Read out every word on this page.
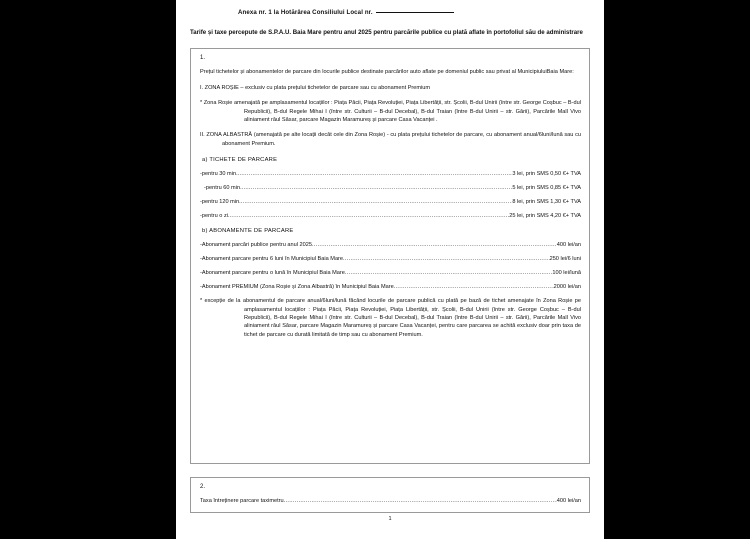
Anexa nr. 1 la Hotărârea Consiliului Local nr.
Tarife și taxe percepute de S.P.A.U. Baia Mare pentru anul 2025 pentru parcările publice cu plată aflate în portofoliul său de administrare
1.
Prețul tichetelor și abonamentelor de parcare din locurile publice destinate parcărilor auto aflate pe domeniul public sau privat al MunicipiuluiBaia Mare:
I. ZONA ROȘIE – exclusiv cu plata prețului tichetelor de parcare sau cu abonament Premium
* Zona Roșie amenajată pe amplasamentul locațiilor : Piața Păcii, Piața Revoluției, Piața Libertății, str. Școlii, B-dul Unirii (între str. George Coșbuc – B-dul Republicii), B-dul Regele Mihai I (între str. Culturii – B-dul Decebal), B-dul Traian (între B-dul Unirii – str. Gării), Parcările Mall Vivo aliniament râul Săsar, parcare Magazin Maramureș și parcare Casa Vacanței .
II. ZONA ALBASTRĂ (amenajată pe alte locații decât cele din Zona Roșie) - cu plata prețului tichetelor de parcare, cu abonament anual/6luni/lună sau cu abonament Premium.
a) TICHETE DE PARCARE
-pentru 30 min. .....	3 lei, prin SMS 0,50 €+ TVA
-pentru 60 min. .....	5 lei, prin SMS 0,85 €+ TVA
-pentru 120 min. .....	8 lei, prin SMS 1,30 €+ TVA
-pentru o zi. .....	25 lei, prin SMS 4,20 €+ TVA
b) ABONAMENTE DE PARCARE
-Abonament parcări publice pentru anul 2025 .....	400 lei/an
-Abonament parcare pentru 6 luni în Municipiul Baia Mare .....	250 lei/6 luni
-Abonament parcare pentru o lună în Municipiul Baia Mare .....	100 lei/lună
-Abonament PREMIUM (Zona Roșie și Zona Albastră) în Municipiul Baia Mare .....	2000 lei/an
* excepție de la abonamentul de parcare anual/6luni/lună făcând locurile de parcare publică cu plată pe bază de tichet amenajate în Zona Roșie pe amplasamentul locațiilor : Piața Păcii, Piața Revoluției, Piața Libertății, str. Școlii, B-dul Unirii (între str. George Coșbuc – B-dul Republicii), B-dul Regele Mihai I (între str. Culturii – B-dul Decebal), B-dul Traian (între B-dul Unirii – str. Gării), Parcările Mall Vivo aliniament râul Săsar, parcare Magazin Maramureș și parcare Casa Vacanței, pentru care parcarea se achită exclusiv doar prin taxa de tichet de parcare cu durată limitată de timp sau cu abonament Premium.
2.
Taxa întreținere parcare taximetru .....	400 lei/an
1
